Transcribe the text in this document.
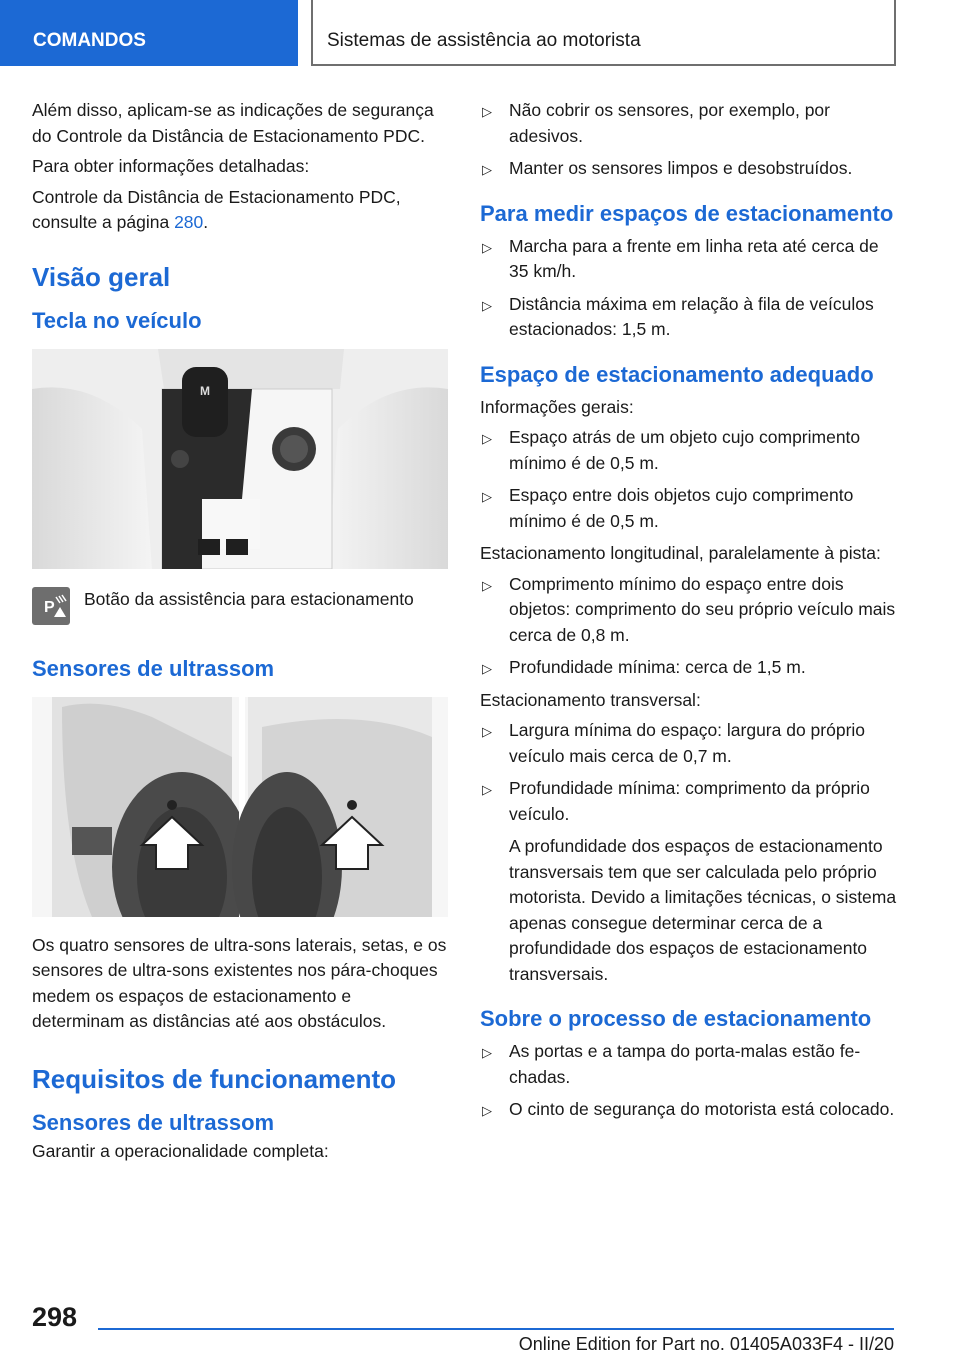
COMANDOS	Sistemas de assistência ao motorista

Além disso, aplicam-se as indicações de segurança do Controle da Distância de Estacionamento PDC.

Para obter informações detalhadas:

Controle da Distância de Estacionamento PDC, consulte a página 280.

Visão geral
Tecla no veículo
M
P Botão da assistência para estacionamento
Sensores de ultrassom

Os quatro sensores de ultra-sons laterais, setas, e os sensores de ultra-sons existentes nos pára-choques medem os espaços de estacionamento e determinam as distâncias até aos obstáculos.

Requisitos de funcionamento
Sensores de ultrassom

Garantir a operacionalidade completa:

▷ Não cobrir os sensores, por exemplo, por adesivos.
▷ Manter os sensores limpos e desobstruídos.
Para medir espaços de estacionamento
▷ Marcha para a frente em linha reta até cerca de 35 km/h.
▷ Distância máxima em relação à fila de veículos estacionados: 1,5 m.
Espaço de estacionamento adequado

Informações gerais:

▷ Espaço atrás de um objeto cujo comprimento mínimo é de 0,5 m.
▷ Espaço entre dois objetos cujo comprimento mínimo é de 0,5 m.

Estacionamento longitudinal, paralelamente à pista:

▷ Comprimento mínimo do espaço entre dois objetos: comprimento do seu próprio veículo mais cerca de 0,8 m.
▷ Profundidade mínima: cerca de 1,5 m.

Estacionamento transversal:

▷ Largura mínima do espaço: largura do próprio veículo mais cerca de 0,7 m.
▷ Profundidade mínima: comprimento da próprio veículo.

A profundidade dos espaços de estacionamento transversais tem que ser calculada pelo próprio motorista. Devido a limitações técnicas, o sistema apenas consegue determinar cerca de a profundidade dos espaços de estacionamento transversais.

Sobre o processo de estacionamento
▷ As portas e a tampa do porta-malas estão fechadas.
▷ O cinto de segurança do motorista está colocado.
298
Online Edition for Part no. 01405A033F4 - II/20
